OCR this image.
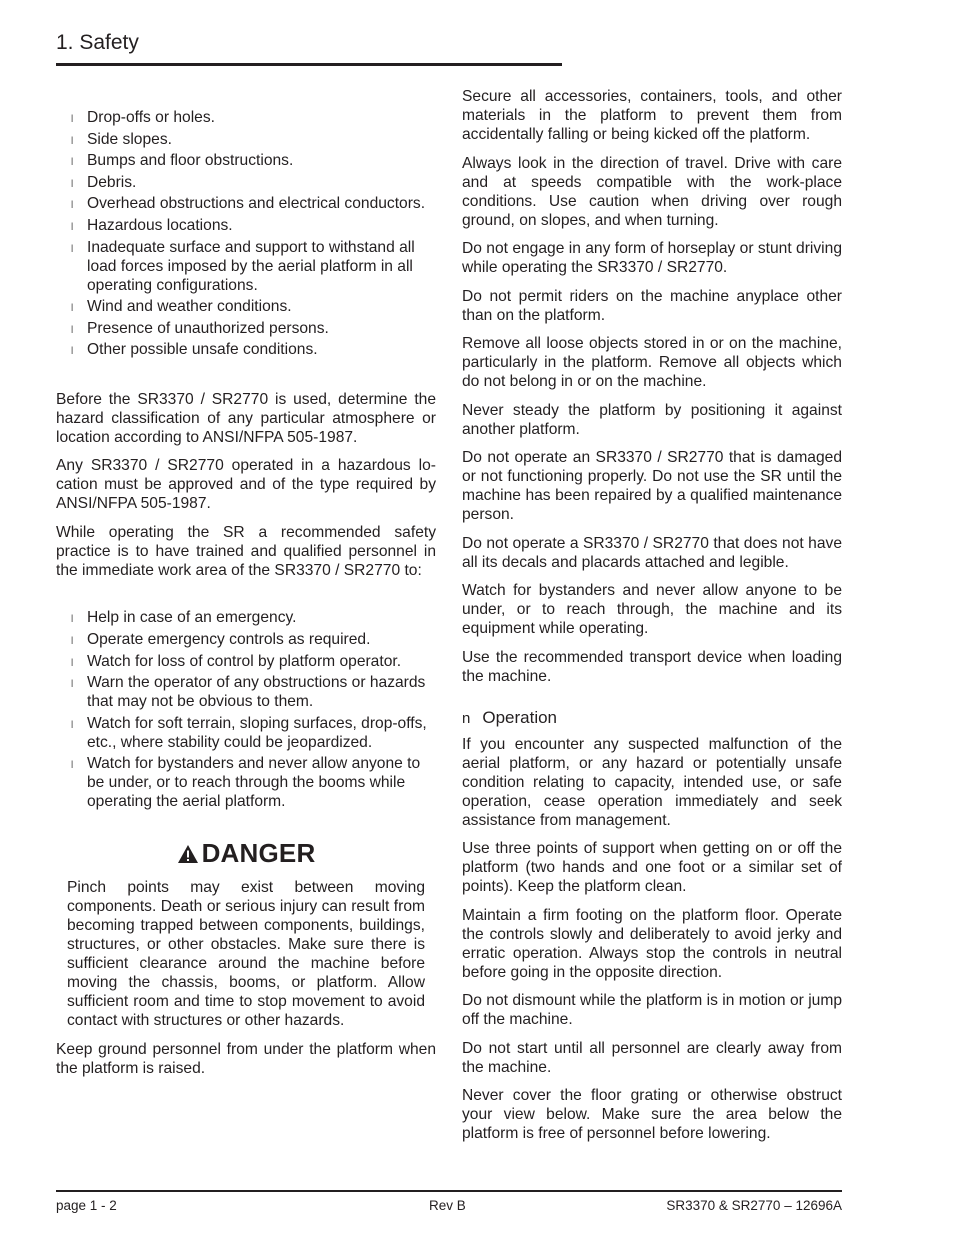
1. Safety
l Drop-offs or holes.
l Side slopes.
l Bumps and floor obstructions.
l Debris.
l Overhead obstructions and electrical conductors.
l Hazardous locations.
l Inadequate surface and support to withstand all load forces imposed by the aerial platform in all operating configurations.
l Wind and weather conditions.
l Presence of unauthorized persons.
l Other possible unsafe conditions.

Before the SR3370 / SR2770 is used, determine the hazard classification of any particular atmosphere or location according to ANSI/NFPA 505-1987.

Any SR3370 / SR2770 operated in a hazardous location must be approved and of the type required by ANSI/NFPA 505-1987.

While operating the SR a recommended safety practice is to have trained and qualified personnel in the immediate work area of the SR3370 / SR2770 to:

l Help in case of an emergency.
l Operate emergency controls as required.
l Watch for loss of control by platform operator.
l Warn the operator of any obstructions or hazards that may not be obvious to them.
l Watch for soft terrain, sloping surfaces, drop-offs, etc., where stability could be jeopardized.
l Watch for bystanders and never allow anyone to be under, or to reach through the booms while operating the aerial platform.
DANGER

Pinch points may exist between moving components. Death or serious injury can result from becoming trapped between components, buildings, structures, or other obstacles. Make sure there is sufficient clearance around the machine before moving the chassis, booms, or platform. Allow sufficient room and time to stop movement to avoid contact with structures or other hazards.

Keep ground personnel from under the platform when the platform is raised.

Secure all accessories, containers, tools, and other materials in the platform to prevent them from accidentally falling or being kicked off the platform.

Always look in the direction of travel. Drive with care and at speeds compatible with the work-place conditions. Use caution when driving over rough ground, on slopes, and when turning.

Do not engage in any form of horseplay or stunt driving while operating the SR3370 / SR2770.

Do not permit riders on the machine anyplace other than on the platform.

Remove all loose objects stored in or on the machine, particularly in the platform. Remove all objects which do not belong in or on the machine.

Never steady the platform by positioning it against another platform.

Do not operate an SR3370 / SR2770 that is damaged or not functioning properly. Do not use the SR until the machine has been repaired by a qualified maintenance person.

Do not operate a SR3370 / SR2770 that does not have all its decals and placards attached and legible.

Watch for bystanders and never allow anyone to be under, or to reach through, the machine and its equipment while operating.

Use the recommended transport device when loading the machine.

n Operation

If you encounter any suspected malfunction of the aerial platform, or any hazard or potentially unsafe condition relating to capacity, intended use, or safe operation, cease operation immediately and seek assistance from management.

Use three points of support when getting on or off the platform (two hands and one foot or a similar set of points). Keep the platform clean.

Maintain a firm footing on the platform floor. Operate the controls slowly and deliberately to avoid jerky and erratic operation. Always stop the controls in neutral before going in the opposite direction.

Do not dismount while the platform is in motion or jump off the machine.

Do not start until all personnel are clearly away from the machine.

Never cover the floor grating or otherwise obstruct your view below. Make sure the area below the platform is free of personnel before lowering.

page 1 - 2	Rev B	SR3370 & SR2770 – 12696A
